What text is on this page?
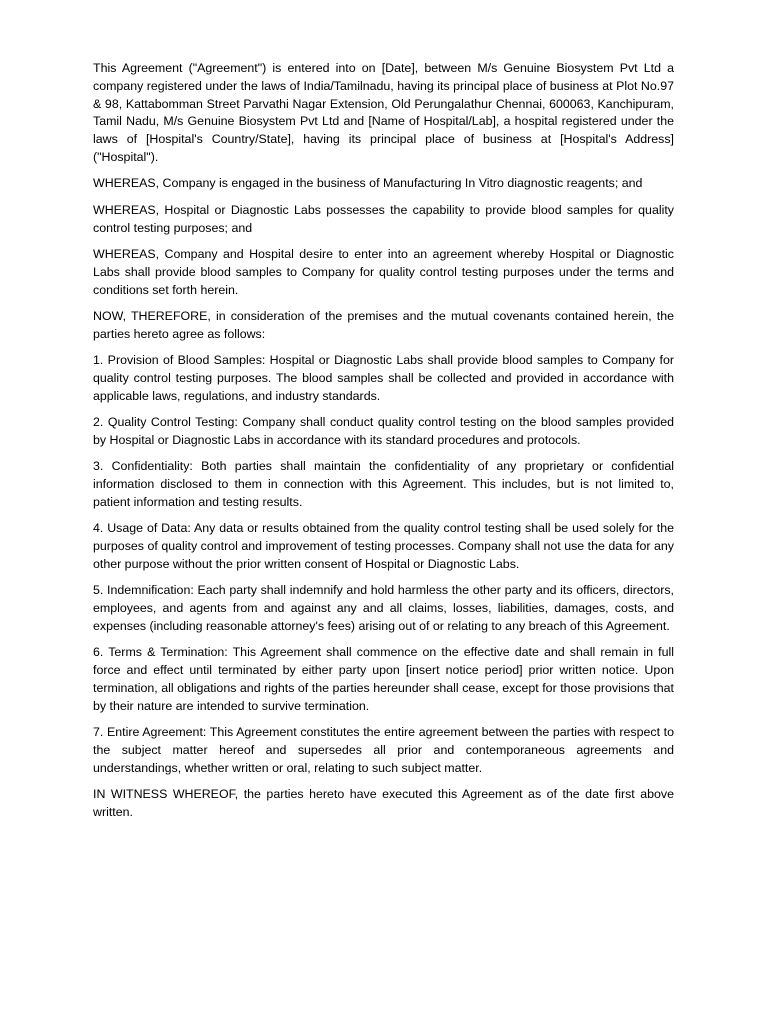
This Agreement ("Agreement") is entered into on [Date], between M/s Genuine Biosystem Pvt Ltd a company registered under the laws of India/Tamilnadu, having its principal place of business at Plot No.97 & 98, Kattabomman Street Parvathi Nagar Extension, Old Perungalathur Chennai, 600063, Kanchipuram, Tamil Nadu, M/s Genuine Biosystem Pvt Ltd and [Name of Hospital/Lab], a hospital registered under the laws of [Hospital's Country/State], having its principal place of business at [Hospital's Address] ("Hospital").

WHEREAS, Company is engaged in the business of Manufacturing In Vitro diagnostic reagents; and

WHEREAS, Hospital or Diagnostic Labs possesses the capability to provide blood samples for quality control testing purposes; and

WHEREAS, Company and Hospital desire to enter into an agreement whereby Hospital or Diagnostic Labs shall provide blood samples to Company for quality control testing purposes under the terms and conditions set forth herein.

NOW, THEREFORE, in consideration of the premises and the mutual covenants contained herein, the parties hereto agree as follows:

1. Provision of Blood Samples: Hospital or Diagnostic Labs shall provide blood samples to Company for quality control testing purposes. The blood samples shall be collected and provided in accordance with applicable laws, regulations, and industry standards.

2. Quality Control Testing: Company shall conduct quality control testing on the blood samples provided by Hospital or Diagnostic Labs in accordance with its standard procedures and protocols.

3. Confidentiality: Both parties shall maintain the confidentiality of any proprietary or confidential information disclosed to them in connection with this Agreement. This includes, but is not limited to, patient information and testing results.

4. Usage of Data: Any data or results obtained from the quality control testing shall be used solely for the purposes of quality control and improvement of testing processes. Company shall not use the data for any other purpose without the prior written consent of Hospital or Diagnostic Labs.

5. Indemnification: Each party shall indemnify and hold harmless the other party and its officers, directors, employees, and agents from and against any and all claims, losses, liabilities, damages, costs, and expenses (including reasonable attorney's fees) arising out of or relating to any breach of this Agreement.

6. Terms & Termination: This Agreement shall commence on the effective date and shall remain in full force and effect until terminated by either party upon [insert notice period] prior written notice. Upon termination, all obligations and rights of the parties hereunder shall cease, except for those provisions that by their nature are intended to survive termination.

7. Entire Agreement: This Agreement constitutes the entire agreement between the parties with respect to the subject matter hereof and supersedes all prior and contemporaneous agreements and understandings, whether written or oral, relating to such subject matter.

IN WITNESS WHEREOF, the parties hereto have executed this Agreement as of the date first above written.
